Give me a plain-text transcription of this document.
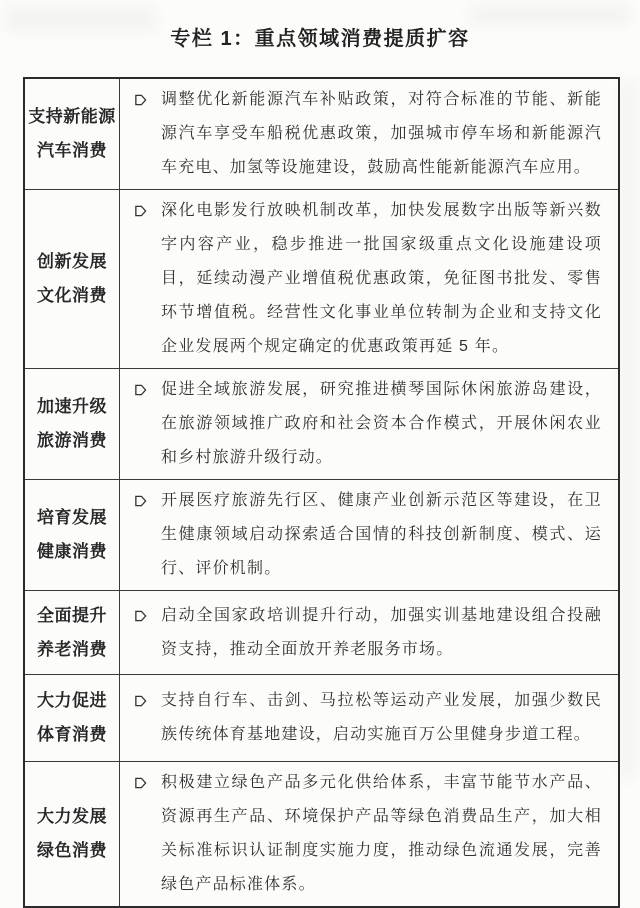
专栏 1：重点领域消费提质扩容
支持新能源
汽车消费

调整优化新能源汽车补贴政策，对符合标准的节能、新能源汽车享受车船税优惠政策，加强城市停车场和新能源汽车充电、加氢等设施建设，鼓励高性能新能源汽车应用。

创新发展
文化消费

深化电影发行放映机制改革，加快发展数字出版等新兴数字内容产业，稳步推进一批国家级重点文化设施建设项目，延续动漫产业增值税优惠政策，免征图书批发、零售环节增值税。经营性文化事业单位转制为企业和支持文化企业发展两个规定确定的优惠政策再延 5 年。

加速升级
旅游消费

促进全域旅游发展，研究推进横琴国际休闲旅游岛建设，在旅游领域推广政府和社会资本合作模式，开展休闲农业和乡村旅游升级行动。

培育发展
健康消费

开展医疗旅游先行区、健康产业创新示范区等建设，在卫生健康领域启动探索适合国情的科技创新制度、模式、运行、评价机制。

全面提升
养老消费

启动全国家政培训提升行动，加强实训基地建设组合投融资支持，推动全面放开养老服务市场。

大力促进
体育消费

支持自行车、击剑、马拉松等运动产业发展，加强少数民族传统体育基地建设，启动实施百万公里健身步道工程。

大力发展
绿色消费

积极建立绿色产品多元化供给体系，丰富节能节水产品、资源再生产品、环境保护产品等绿色消费品生产，加大相关标准标识认证制度实施力度，推动绿色流通发展，完善绿色产品标准体系。
